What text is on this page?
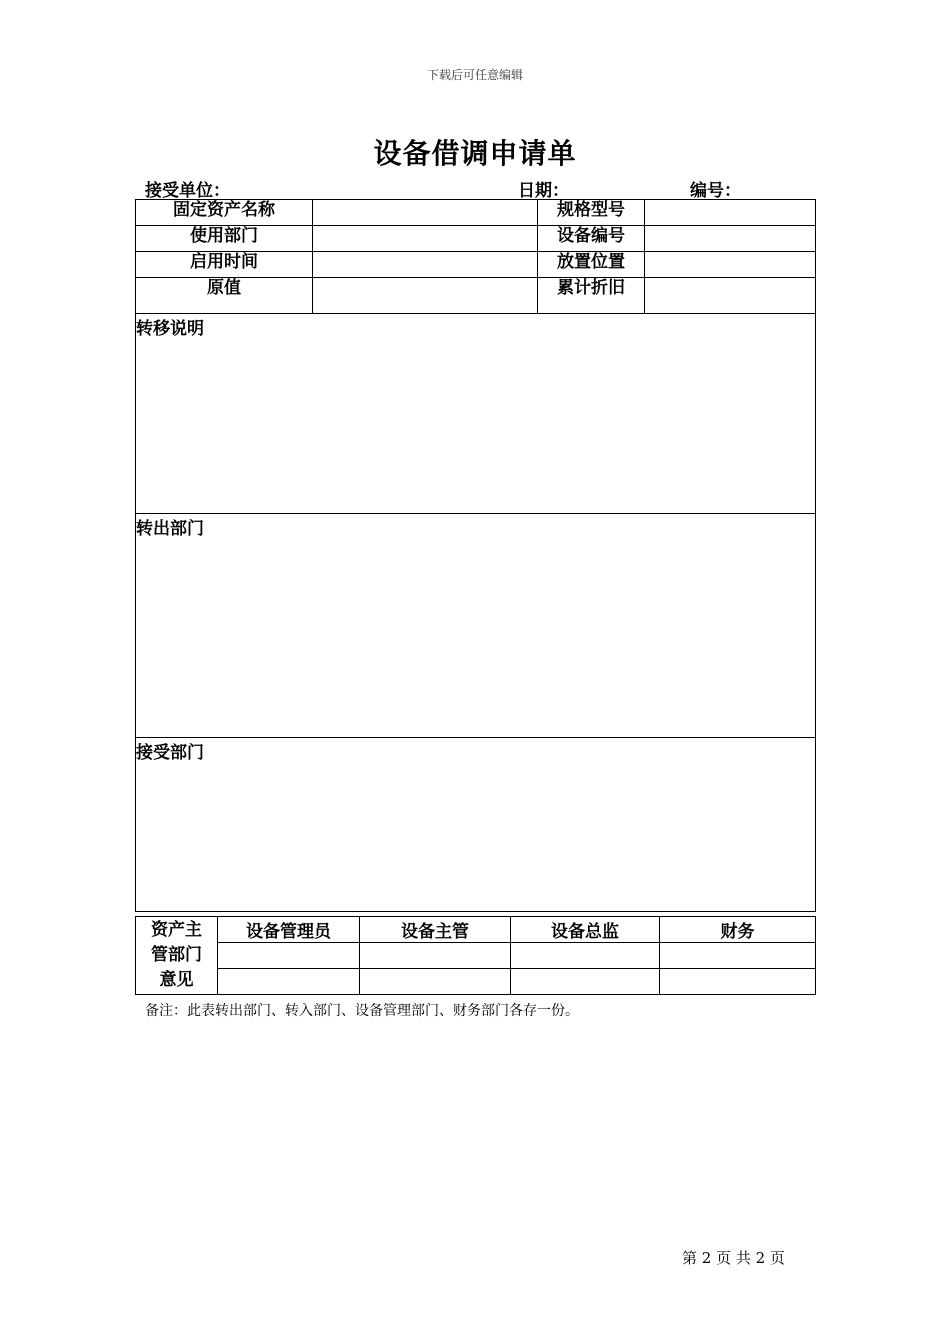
下载后可任意编辑
设备借调申请单
接受单位：	日期：	编号：
固定资产名称		规格型号	
使用部门		设备编号	
启用时间		放置位置	
原值		累计折旧	
转移说明			
转出部门			
接受部门			
资产主
管部门
意见	设备管理员	设备主管	设备总监	财务

备注：此表转出部门、转入部门、设备管理部门、财务部门各存一份。
第 2 页 共 2 页
